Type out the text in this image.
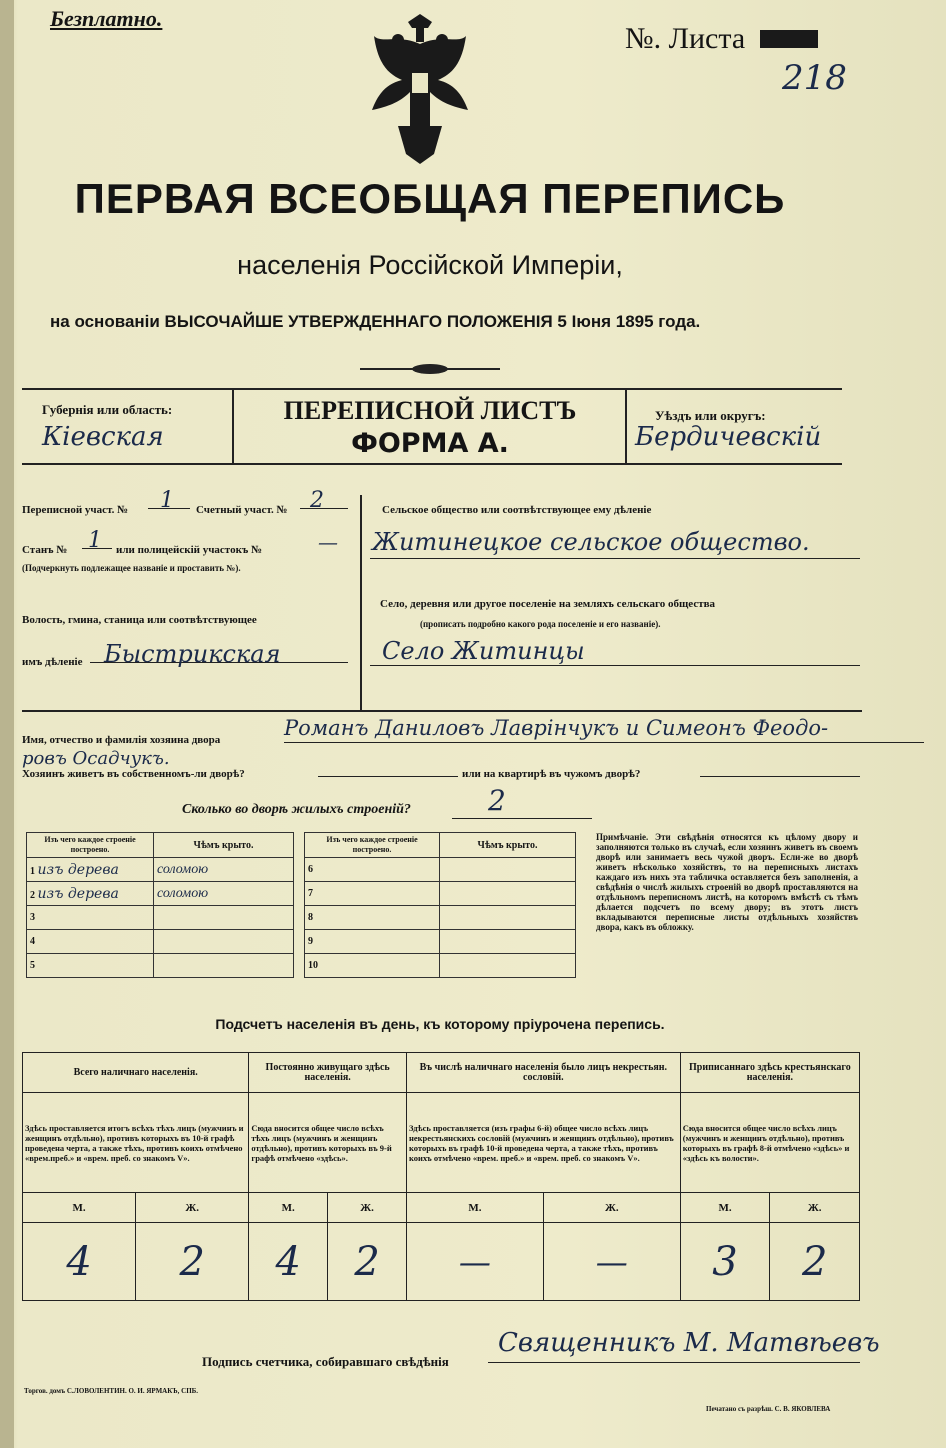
Безплатно.
№. Листа
218
ПЕРВАЯ ВСЕОБЩАЯ ПЕРЕПИСЬ
населенія Россійской Имперіи,
на основаніи ВЫСОЧАЙШЕ УТВЕРЖДЕННАГО ПОЛОЖЕНІЯ 5 Іюня 1895 года.
Губернія или область:
Кіевская
ПЕРЕПИСНОЙ ЛИСТЪ
ФОРМА А.
Уѣздъ или округъ:
Бердичевскій
Переписной участ. № 1 Счетный участ. № 2
Станъ № 1 или полицейскій участокъ №	—
(Подчеркнуть подлежащее названіе и проставить №).
Волость, гмина, станица или соотвѣтствующее
имъ дѣленіе Быстрикская
Сельское общество или соотвѣтствующее ему дѣленіе
Житинецкое сельское общество.
Село, деревня или другое поселеніе на земляхъ сельскаго общества
(прописать подробно какого рода поселеніе и его названіе).
Село Житинцы
Имя, отчество и фамилія хозяина двора	Романъ Даниловъ Лаврінчукъ и Симеонъ Феодо-
ровъ Осадчукъ.
Хозяинъ живетъ въ собственномъ-ли дворѣ?	или на квартирѣ въ чужомъ дворѣ?
Сколько во дворѣ жилыхъ строеній?	2
Изъ чего каждое строеніе построено.	Чѣмъ крыто.
1 изъ дерева	соломою
2 изъ дерева	соломою
3	
4	
5	
Изъ чего каждое строеніе построено.	Чѣмъ крыто.
6	
7	
8	
9	
10	
Примѣчаніе. Эти свѣдѣнія относятся къ цѣлому двору и заполняются только въ случаѣ, если хозяинъ живетъ въ своемъ дворѣ или занимаетъ весь чужой дворъ. Если-же во дворѣ живетъ нѣсколько хозяйствъ, то на переписныхъ листахъ каждаго изъ нихъ эта табличка оставляется безъ заполненія, а свѣдѣнія о числѣ жилыхъ строеній во дворѣ проставляются на отдѣльномъ переписномъ листѣ, на которомъ вмѣстѣ съ тѣмъ дѣлается подсчетъ по всему двору; въ этотъ листъ вкладываются переписные листы отдѣльныхъ хозяйствъ двора, какъ въ обложку.
Подсчетъ населенія въ день, къ которому пріурочена перепись.
Всего наличнаго населенія.		Постоянно живущаго здѣсь населенія.		Въ числѣ наличнаго населенія было лицъ некрестьян. сословій.		Приписаннаго здѣсь крестьянскаго населенія.	
Здѣсь проставляется итогъ всѣхъ тѣхъ лицъ (мужчинъ и женщинъ отдѣльно), противъ которыхъ въ 10-й графѣ проведена черта, а также тѣхъ, противъ коихъ отмѣчено «врем.преб.» и «врем. преб. со знакомъ V».		Сюда вносится общее число всѣхъ тѣхъ лицъ (мужчинъ и женщинъ отдѣльно), противъ которыхъ въ 9-й графѣ отмѣчено «здѣсь».		Здѣсь проставляется (изъ графы 6-й) общее число всѣхъ лицъ некрестьянскихъ сословій (мужчинъ и женщинъ отдѣльно), противъ которыхъ въ графѣ 10-й проведена черта, а также тѣхъ, противъ коихъ отмѣчено «врем. преб.» и «врем. преб. со знакомъ V».		Сюда вносится общее число всѣхъ лицъ (мужчинъ и женщинъ отдѣльно), противъ которыхъ въ графѣ 8-й отмѣчено «здѣсь» и «здѣсь къ волости».	
М.	Ж.	М.	Ж.	М.	Ж.	М.	Ж.
4	2	4	2	—	—	3	2
Подпись счетчика, собиравшаго свѣдѣнія
Священникъ М. Матвѣевъ
Торгов. домъ С.ЛОВОЛЕНТИН. О. И. ЯРМАКЪ, СПБ.
Печатано съ разрѣш. С. В. ЯКОВЛЕВА
